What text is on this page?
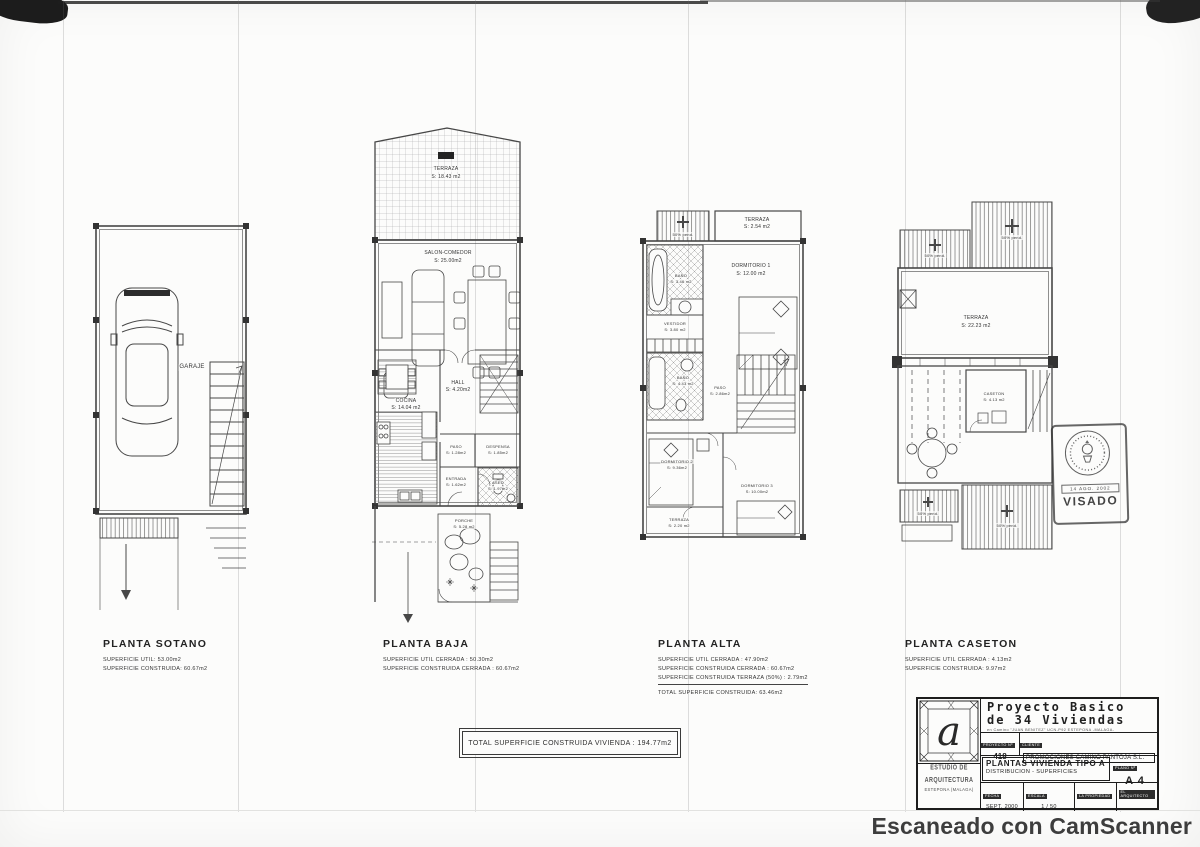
GARAJE
TERRAZA
S: 18.43 m2
SALON-COMEDOR
S: 25.00m2
COCINA
S: 14.04 m2
HALL
S: 4.20m2
PASO
S: 1.28m2
DESPENSA
S: 1.85m2
ENTRADA
S: 1.62m2	ASEO
S: 1.97m2
PORCHE
S: 5.28 m2
50% pend.
TERRAZA
S: 2.54 m2
BAÑO
S: 3.46 m2
DORMITORIO 1
S: 12.00 m2
VESTIDOR
S: 3.80 m2
BAÑO
S: 4.43 m2
PASO
S: 2.86m2
DORMITORIO 2
S: 9.36m2
DORMITORIO 3
S: 10.00m2
TERRAZA
S: 2.20 m2
50% pend.
50% pend.
TERRAZA
S: 22.23 m2
CASETON
S: 4.13 m2
50% pend.
50% pend.
PLANTA SOTANO
SUPERFICIE UTIL: 53.00m2
SUPERFICIE CONSTRUIDA: 60.67m2
PLANTA BAJA
SUPERFICIE UTIL CERRADA : 50.30m2
SUPERFICIE CONSTRUIDA CERRADA : 60.67m2
PLANTA ALTA
SUPERFICIE UTIL CERRADA : 47.90m2
SUPERFICIE CONSTRUIDA CERRADA : 60.67m2
SUPERFICIE CONSTRUIDA TERRAZA (50%) : 2.79m2
TOTAL SUPERFICIE CONSTRUIDA: 63.46m2
PLANTA CASETON
SUPERFICIE UTIL CERRADA : 4.13m2
SUPERFICIE CONSTRUIDA: 9.97m2
TOTAL SUPERFICIE CONSTRUIDA VIVIENDA : 194.77m2
14 AGO. 2002
VISADO
a
ESTUDIO DE ARQUITECTURA
ESTEPONA (MALAGA)
Proyecto Basico
de 34 Viviendas
en Camino "JUAN BENITEZ" UCN-P92 ESTEPONA -MALAGA-
PROYECTO Nº
418
CLIENTE
PROMOCIONES CAMINO PANTOJA S.L.
PLANTAS VIVIENDA TIPO A
DISTRIBUCION - SUPERFICIES
PLANO Nº
A 4
FECHA
SEPT. 2000
ESCALA
1 / 50
LA PROPIEDAD
EL ARQUITECTO
Escaneado con CamScanner
